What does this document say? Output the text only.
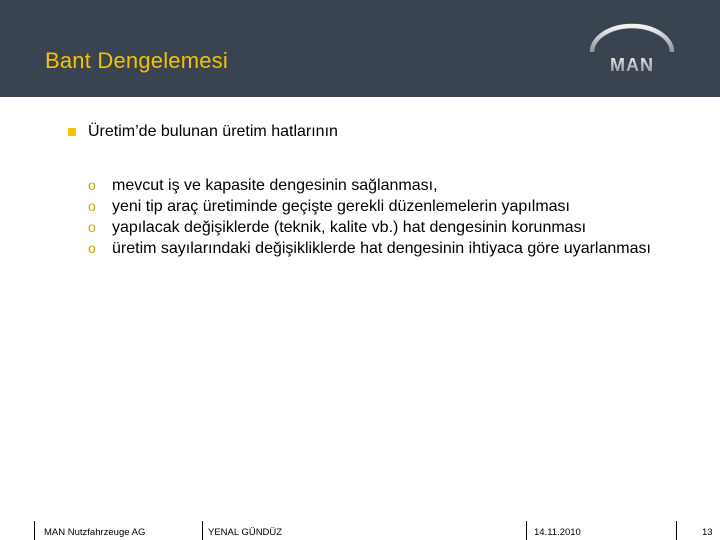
Bant Dengelemesi	MAN
Üretim’de bulunan üretim hatlarının
o	mevcut iş ve kapasite dengesinin sağlanması,
o	yeni tip araç üretiminde geçişte gerekli düzenlemelerin yapılması
o	yapılacak değişiklerde (teknik, kalite vb.) hat dengesinin korunması
o	üretim sayılarındaki değişikliklerde hat dengesinin ihtiyaca göre uyarlanması
MAN Nutzfahrzeuge AG	YENAL GÜNDÜZ	14.11.2010	13
